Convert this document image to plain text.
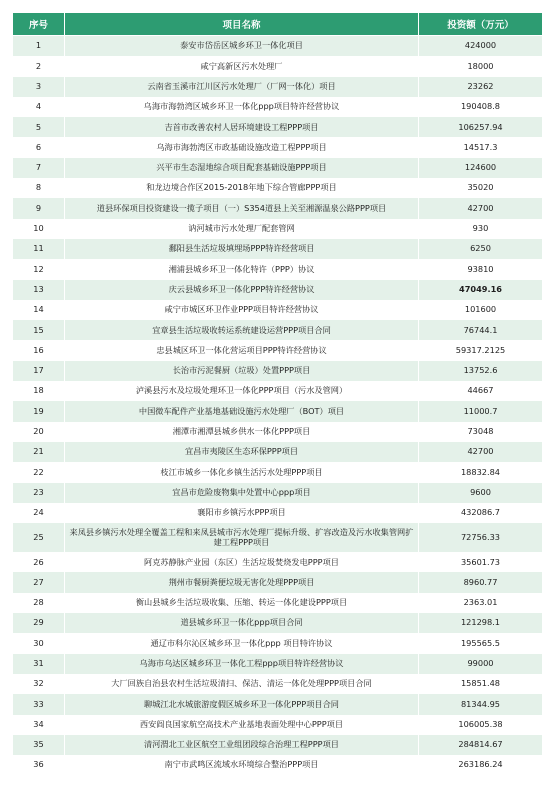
序号	项目名称	投资额（万元）
1	泰安市岱岳区城乡环卫一体化项目	424000
2	咸宁高新区污水处理厂	18000
3	云南省玉溪市江川区污水处理厂（厂网一体化）项目	23262
4	乌海市海勃湾区城乡环卫一体化ppp项目特许经营协议	190408.8
5	吉首市改善农村人居环境建设工程PPP项目	106257.94
6	乌海市海勃湾区市政基础设施改造工程PPP项目	14517.3
7	兴平市生态湿地综合项目配套基础设施PPP项目	124600
8	和龙边境合作区2015-2018年地下综合管廊PPP项目	35020
9	道县环保项目投资建设一揽子项目（一）S354道县上关至湘源温泉公路PPP项目	42700
10	讷河城市污水处理厂配套管网	930
11	鄱阳县生活垃圾填埋场PPP特许经营项目	6250
12	湘浦县城乡环卫一体化特许（PPP）协议	93810
13	庆云县城乡环卫一体化PPP特许经营协议	47049.16
14	咸宁市城区环卫作业PPP项目特许经营协议	101600
15	宜章县生活垃圾收转运系统建设运营PPP项目合同	76744.1
16	忠县城区环卫一体化营运项目PPP特许经营协议	59317.2125
17	长治市污泥餐厨（垃圾）处置PPP项目	13752.6
18	泸溪县污水及垃圾处理环卫一体化PPP项目（污水及管网）	44667
19	中国微车配件产业基地基础设施污水处理厂（BOT）项目	11000.7
20	湘潭市湘潭县城乡供水一体化PPP项目	73048
21	宜昌市夷陵区生态环保PPP项目	42700
22	枝江市城乡一体化乡镇生活污水处理PPP项目	18832.84
23	宜昌市危险废物集中处置中心ppp项目	9600
24	襄阳市乡镇污水PPP项目	432086.7
25	来凤县乡镇污水处理全覆盖工程和来凤县城市污水处理厂提标升级、扩容改造及污水收集管网扩建工程PPP项目	72756.33
26	阿克苏静脉产业园（东区）生活垃圾焚烧发电PPP项目	35601.73
27	荆州市餐厨粪便垃圾无害化处理PPP项目	8960.77
28	衡山县城乡生活垃圾收集、压缩、转运一体化建设PPP项目	2363.01
29	道县城乡环卫一体化ppp项目合同	121298.1
30	通辽市科尔沁区城乡环卫一体化ppp 项目特许协议	195565.5
31	乌海市乌达区城乡环卫一体化工程ppp项目特许经营协议	99000
32	大厂回族自治县农村生活垃圾清扫、保洁、清运一体化处理PPP项目合同	15851.48
33	聊城江北水城旅游度假区城乡环卫一体化PPP项目合同	81344.95
34	西安阎良国家航空高技术产业基地表面处理中心PPP项目	106005.38
35	清河渭北工业区航空工业组团段综合治理工程PPP项目	284814.67
36	南宁市武鸣区流域水环境综合整治PPP项目	263186.24
